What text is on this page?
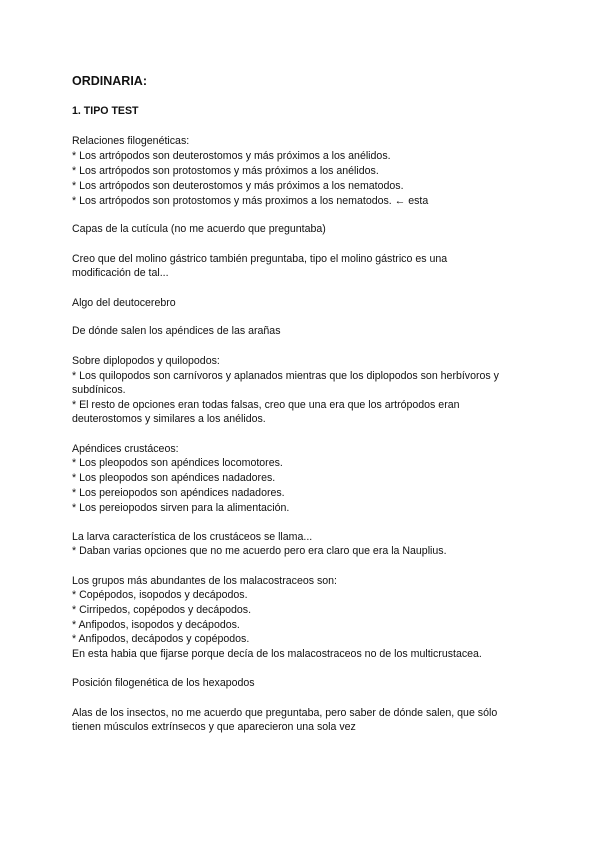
ORDINARIA:
1. TIPO TEST
Relaciones filogenéticas:
* Los artrópodos son deuterostomos y más próximos a los anélidos.
* Los artrópodos son protostomos y más próximos a los anélidos.
* Los artrópodos son deuterostomos y más próximos a los nematodos.
* Los artrópodos son protostomos y más proximos a los nematodos. ← esta
Capas de la cutícula (no me acuerdo que preguntaba)
Creo que del molino gástrico también preguntaba, tipo el molino gástrico es una
modificación de tal...
Algo del deutocerebro
De dónde salen los apéndices de las arañas
Sobre diplopodos y quilopodos:
* Los quilopodos son carnívoros y aplanados mientras que los diplopodos son herbívoros y
subdínicos.
* El resto de opciones eran todas falsas, creo que una era que los artrópodos eran
deuterostomos y similares a los anélidos.
Apéndices crustáceos:
* Los pleopodos son apéndices locomotores.
* Los pleopodos son apéndices nadadores.
* Los pereiopodos son apéndices nadadores.
* Los pereiopodos sirven para la alimentación.
La larva característica de los crustáceos se llama...
* Daban varias opciones que no me acuerdo pero era claro que era la Nauplius.
Los grupos más abundantes de los malacostraceos son:
* Copépodos, isopodos y decápodos.
* Cirripedos, copépodos y decápodos.
* Anfipodos, isopodos y decápodos.
* Anfipodos, decápodos y copépodos.
En esta habia que fijarse porque decía de los malacostraceos no de los multicrustacea.
Posición filogenética de los hexapodos
Alas de los insectos, no me acuerdo que preguntaba, pero saber de dónde salen, que sólo
tienen músculos extrínsecos y que aparecieron una sola vez
